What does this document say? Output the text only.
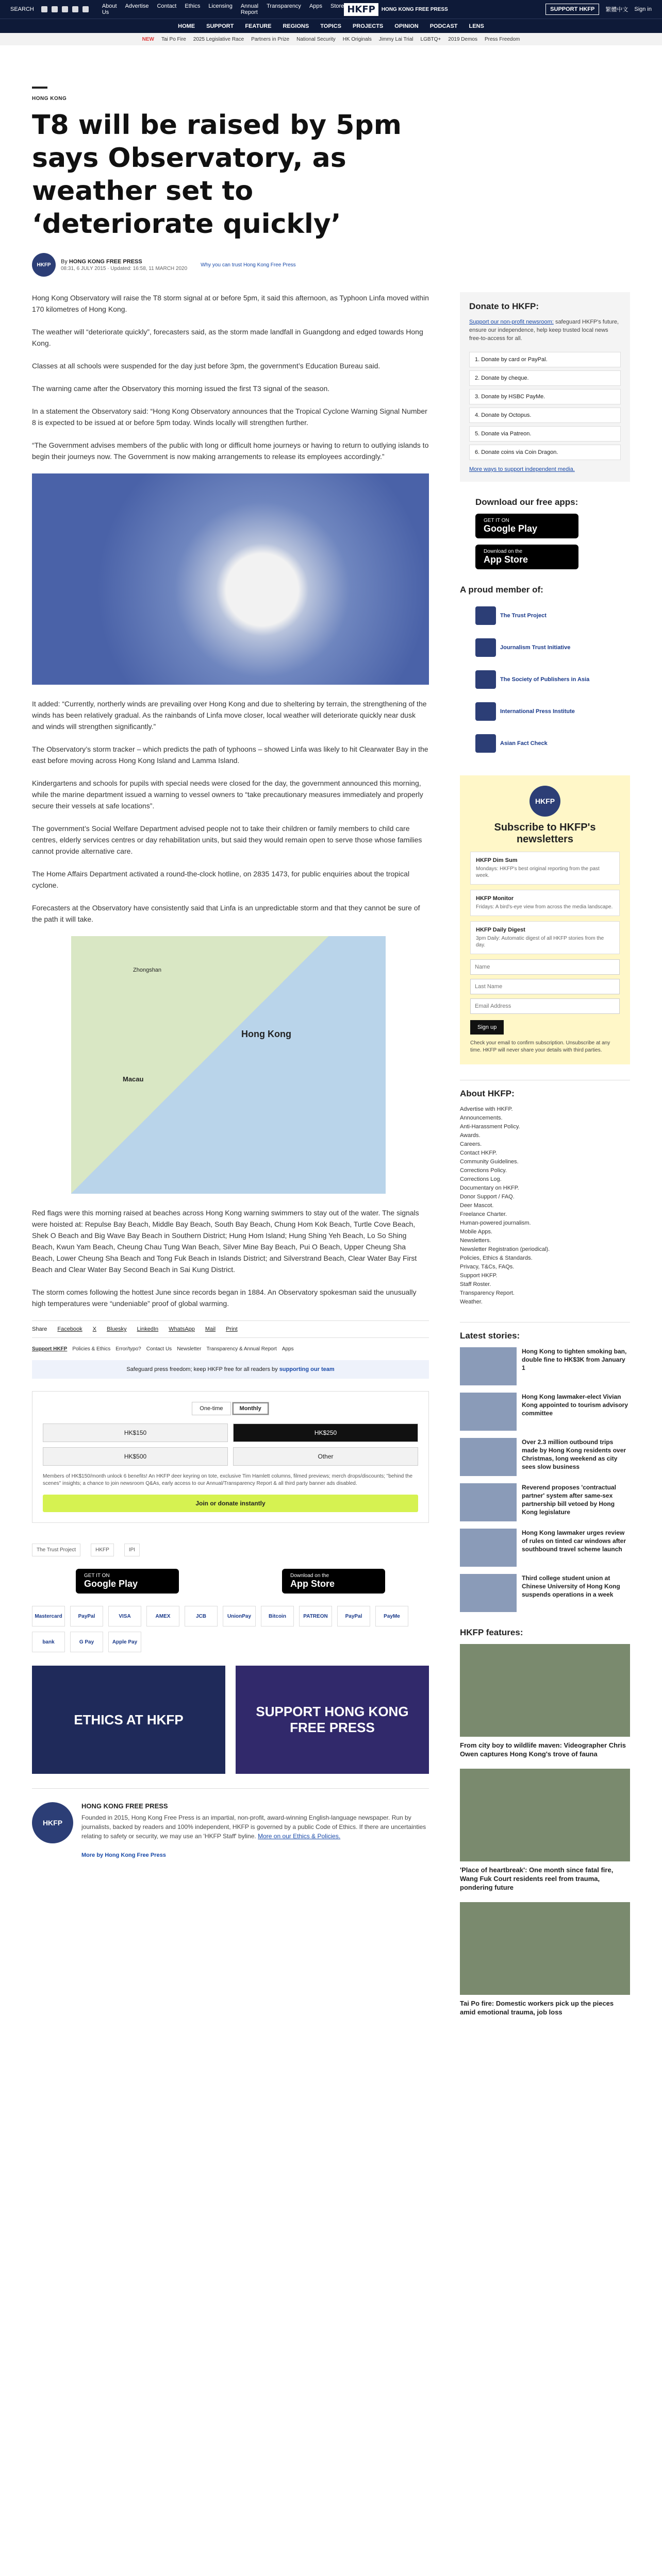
SEARCH	About Us
Advertise Contact Ethics Licensing Annual Report
Transparency Apps Store HKFP	HONG KONG FREE PRESS	SUPPORT HKFP	繁體中文 Sign in
HOME SUPPORT FEATURE REGIONS TOPICS PROJECTS OPINION PODCAST LENS
NEW Tai Po Fire 2025 Legislative Race Partners in Prize National Security HK Originals Jimmy Lai Trial LGBTQ+ 2019 Demos Press Freedom
HONG KONG
T8 will be raised by 5pm says Observatory, as weather set to ‘deteriorate quickly’
HKFP
By HONG KONG FREE PRESS
08:31, 6 JULY 2015 · Updated: 16:58, 11 MARCH 2020
Why you can trust Hong Kong Free Press

Hong Kong Observatory will raise the T8 storm signal at or before 5pm, it said this afternoon, as Typhoon Linfa moved within 170 kilometres of Hong Kong.

The weather will “deteriorate quickly”, forecasters said, as the storm made landfall in Guangdong and edged towards Hong Kong.

Classes at all schools were suspended for the day just before 3pm, the government’s Education Bureau said.

The warning came after the Observatory this morning issued the first T3 signal of the season.

In a statement the Observatory said: “Hong Kong Observatory announces that the Tropical Cyclone Warning Signal Number 8 is expected to be issued at or before 5pm today. Winds locally will strengthen further.

“The Government advises members of the public with long or difficult home journeys or having to return to outlying islands to begin their journeys now. The Government is now making arrangements to release its employees accordingly.”

It added: “Currently, northerly winds are prevailing over Hong Kong and due to sheltering by terrain, the strengthening of the winds has been relatively gradual. As the rainbands of Linfa move closer, local weather will deteriorate quickly near dusk and winds will strengthen significantly.”

The Observatory’s storm tracker – which predicts the path of typhoons – showed Linfa was likely to hit Clearwater Bay in the east before moving across Hong Kong Island and Lamma Island.

Kindergartens and schools for pupils with special needs were closed for the day, the government announced this morning, while the marine department issued a warning to vessel owners to “take precautionary measures immediately and properly secure their vessels at safe locations”.

The government’s Social Welfare Department advised people not to take their children or family members to child care centres, elderly services centres or day rehabilitation units, but said they would remain open to serve those whose families cannot provide alternative care.

The Home Affairs Department activated a round-the-clock hotline, on 2835 1473, for public enquiries about the tropical cyclone.

Forecasters at the Observatory have consistently said that Linfa is an unpredictable storm and that they cannot be sure of the path it will take.

Zhongshan
Macau
Hong Kong

Red flags were this morning raised at beaches across Hong Kong warning swimmers to stay out of the water. The signals were hoisted at: Repulse Bay Beach, Middle Bay Beach, South Bay Beach, Chung Hom Kok Beach, Turtle Cove Beach, Shek O Beach and Big Wave Bay Beach in Southern District; Hung Hom Island; Hung Shing Yeh Beach, Lo So Shing Beach, Kwun Yam Beach, Cheung Chau Tung Wan Beach, Silver Mine Bay Beach, Pui O Beach, Upper Cheung Sha Beach, Lower Cheung Sha Beach and Tong Fuk Beach in Islands District; and Silverstrand Beach, Clear Water Bay First Beach and Clear Water Bay Second Beach in Sai Kung District.

The storm comes following the hottest June since records began in 1884. An Observatory spokesman said the unusually high temperatures were “undeniable” proof of global warming.

Share Facebook X Bluesky LinkedIn WhatsApp Mail Print
Support HKFP Policies & Ethics Error/typo? Contact Us Newsletter Transparency & Annual Report Apps
Safeguard press freedom; keep HKFP free for all readers by supporting our team
One-time	Monthly
HK$150	HK$250
HK$500	Other
Members of HK$150/month unlock 6 benefits! An HKFP deer keyring on tote, exclusive Tim Hamlett columns, filmed previews; merch drops/discounts; "behind the scenes" insights; a chance to join newsroom Q&As, early access to our Annual/Transparency Report & all third party banner ads disabled.
Join or donate instantly
The Trust Project	HKFP	IPI
GET IT ON
Google Play
Download on the
App Store
Mastercard	PayPal	VISA	AMEX	JCB	UnionPay	Bitcoin	PATREON	PayPal	PayMe
bank	G Pay	Apple Pay
ETHICS AT HKFP
SUPPORT HONG KONG FREE PRESS
HKFP
HONG KONG FREE PRESS

Founded in 2015, Hong Kong Free Press is an impartial, non-profit, award-winning English-language newspaper. Run by journalists, backed by readers and 100% independent, HKFP is governed by a public Code of Ethics. If there are uncertainties relating to safety or security, we may use an 'HKFP Staff' byline. More on our Ethics & Policies.

More by Hong Kong Free Press
Donate to HKFP:

Support our non-profit newsroom: safeguard HKFP's future, ensure our independence, help keep trusted local news free-to-access for all.

1. Donate by card or PayPal.
2. Donate by cheque.
3. Donate by HSBC PayMe.
4. Donate by Octopus.
5. Donate via Patreon.
6. Donate coins via Coin Dragon.
More ways to support independent media.
Download our free apps:
GET IT ON
Google Play
Download on the
App Store
A proud member of:
The Trust Project
Journalism Trust Initiative
The Society of Publishers in Asia
International Press Institute
Asian Fact Check
HKFP
Subscribe to HKFP's newsletters
HKFP Dim Sum
Mondays: HKFP's best original reporting from the past week.
HKFP Monitor
Fridays: A bird's-eye view from across the media landscape.
HKFP Daily Digest
3pm Daily: Automatic digest of all HKFP stories from the day.
Name Last Name Email Address
Sign up
Check your email to confirm subscription. Unsubscribe at any time. HKFP will never share your details with third parties.
About HKFP:
Advertise with HKFP.
Announcements.
Anti-Harassment Policy.
Awards.
Careers.
Contact HKFP.
Community Guidelines.
Corrections Policy.
Corrections Log.
Documentary on HKFP.
Donor Support / FAQ.
Deer Mascot.
Freelance Charter.
Human-powered journalism.
Mobile Apps.
Newsletters.
Newsletter Registration (periodical).
Policies, Ethics & Standards.
Privacy, T&Cs, FAQs.
Support HKFP.
Staff Roster.
Transparency Report.
Weather.
Latest stories:
Hong Kong to tighten smoking ban, double fine to HK$3K from January 1
Hong Kong lawmaker-elect Vivian Kong appointed to tourism advisory committee
Over 2.3 million outbound trips made by Hong Kong residents over Christmas, long weekend as city sees slow business
Reverend proposes 'contractual partner' system after same-sex partnership bill vetoed by Hong Kong legislature
Hong Kong lawmaker urges review of rules on tinted car windows after southbound travel scheme launch
Third college student union at Chinese University of Hong Kong suspends operations in a week
HKFP features:
From city boy to wildlife maven: Videographer Chris Owen captures Hong Kong's trove of fauna
'Place of heartbreak': One month since fatal fire, Wang Fuk Court residents reel from trauma, pondering future
Tai Po fire: Domestic workers pick up the pieces amid emotional trauma, job loss
